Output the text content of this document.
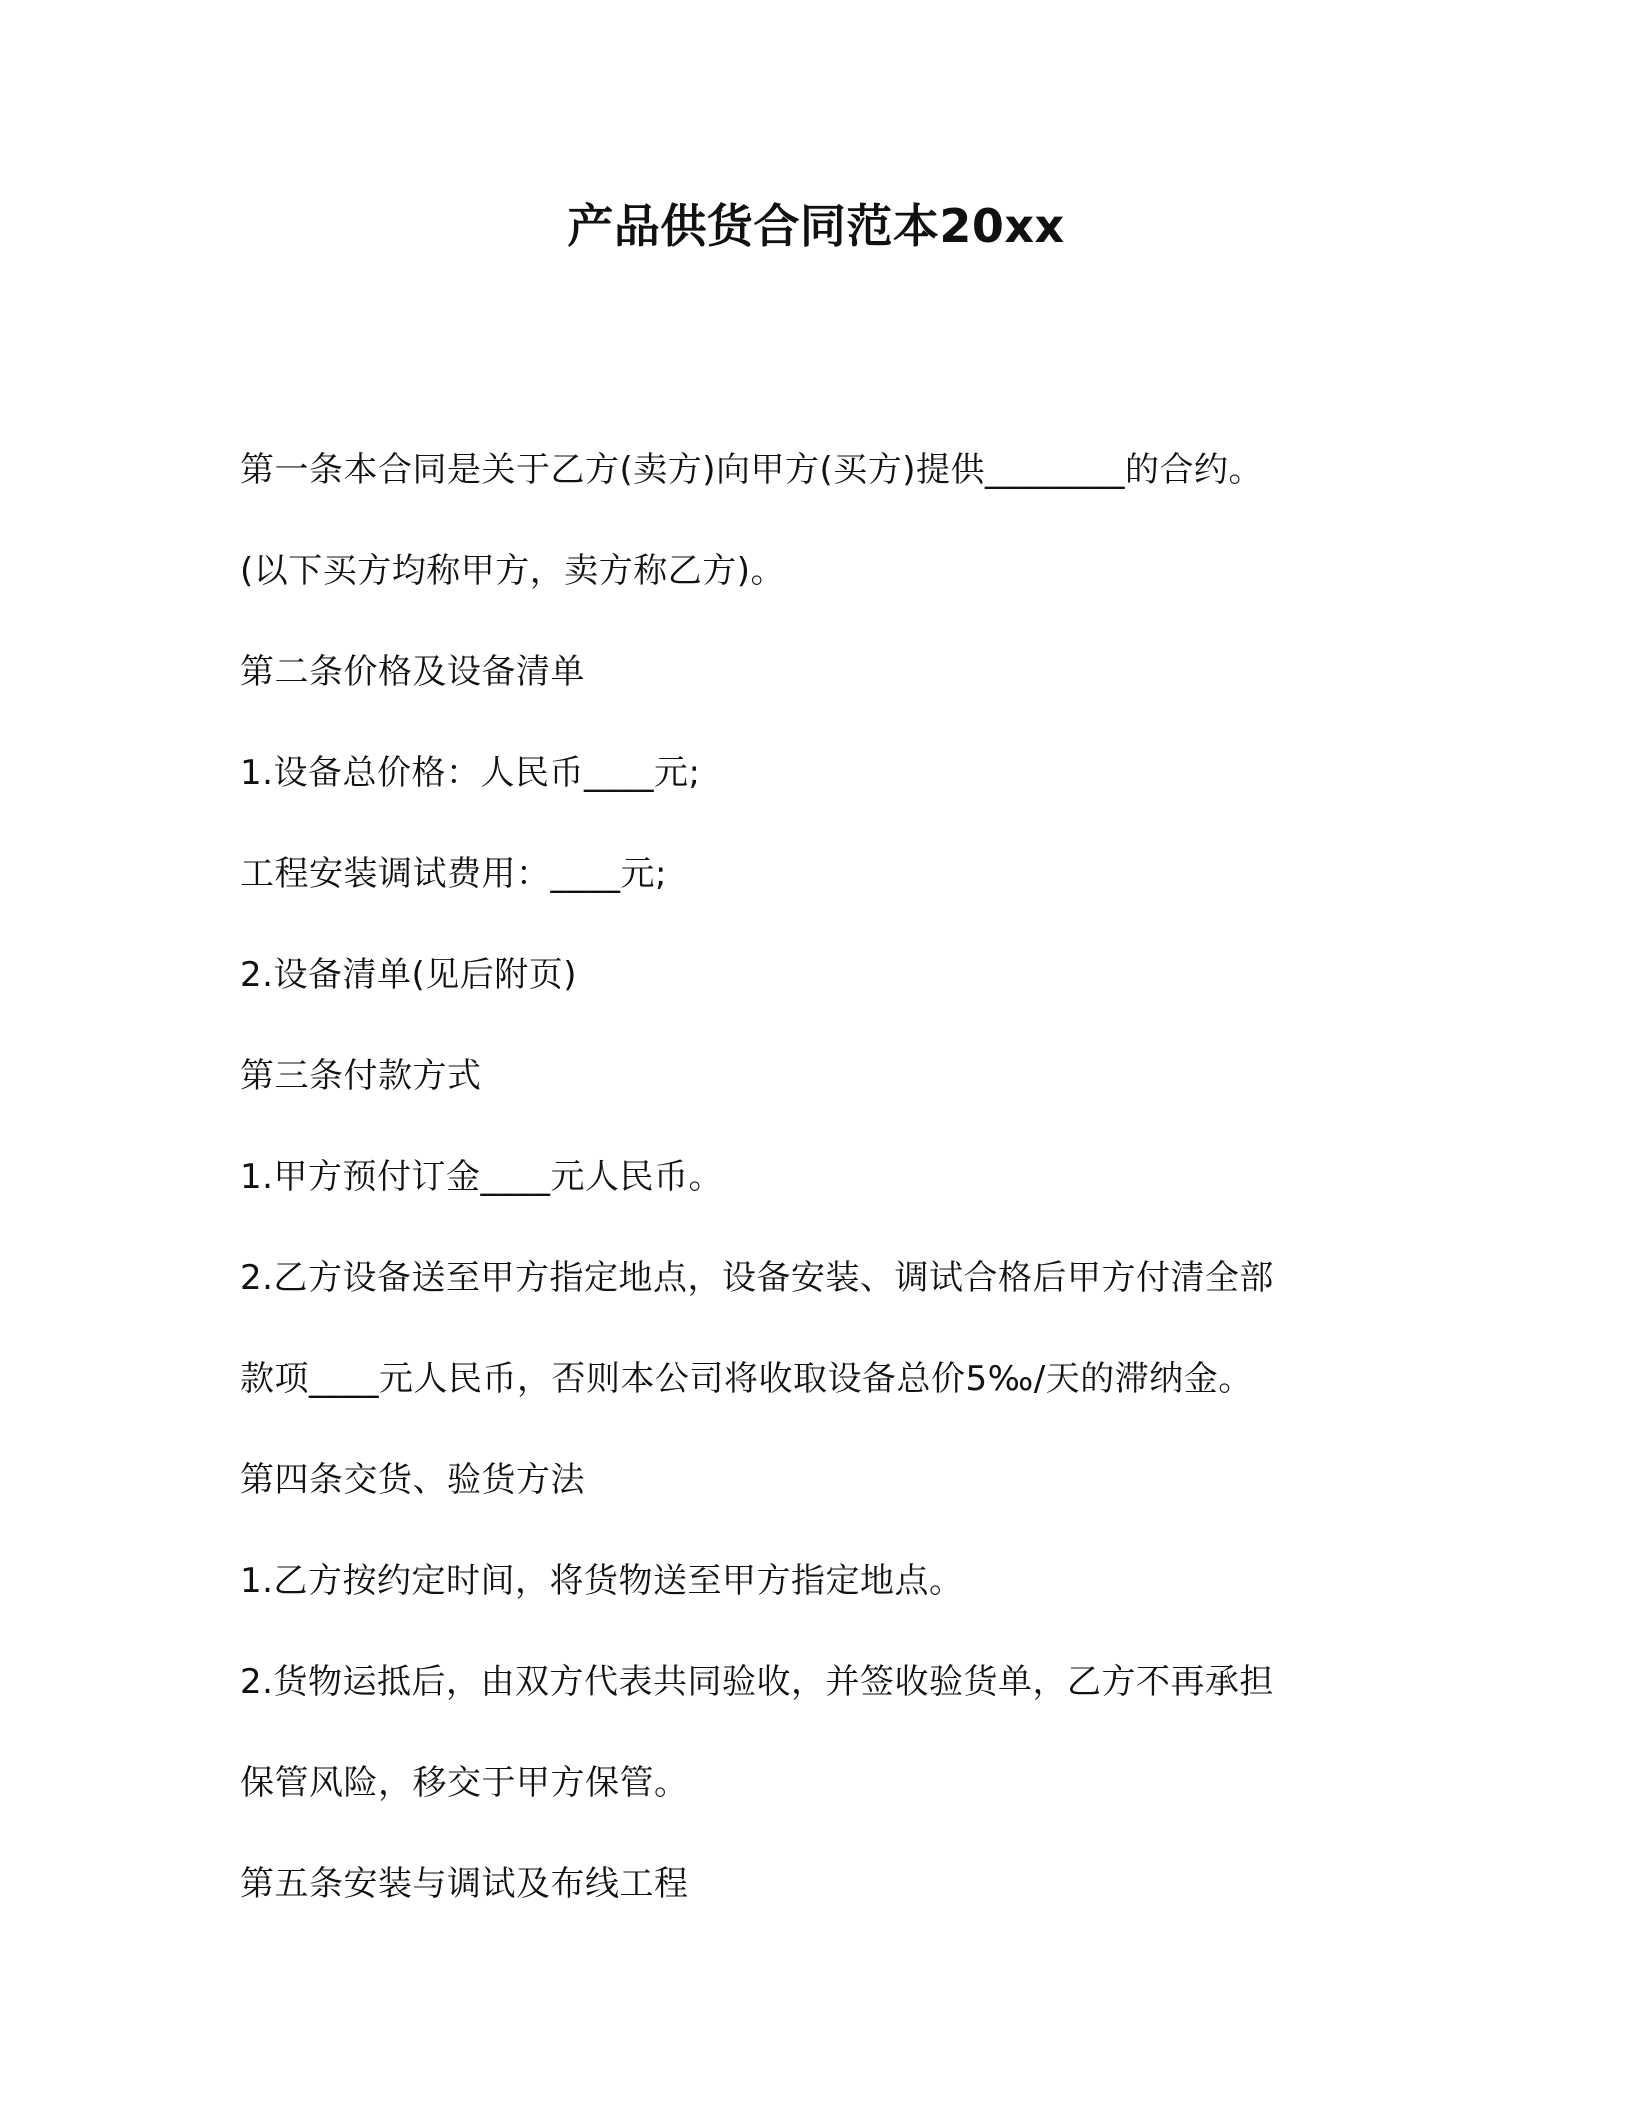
产品供货合同范本20xx

第一条本合同是关于乙方(卖方)向甲方(买方)提供________的合约。

(以下买方均称甲方，卖方称乙方)。

第二条价格及设备清单

1.设备总价格：人民币____元;

工程安装调试费用：____元;

2.设备清单(见后附页)

第三条付款方式

1.甲方预付订金____元人民币。

2.乙方设备送至甲方指定地点，设备安装、调试合格后甲方付清全部

款项____元人民币，否则本公司将收取设备总价5‰/天的滞纳金。

第四条交货、验货方法

1.乙方按约定时间，将货物送至甲方指定地点。

2.货物运抵后，由双方代表共同验收，并签收验货单，乙方不再承担

保管风险，移交于甲方保管。

第五条安装与调试及布线工程
